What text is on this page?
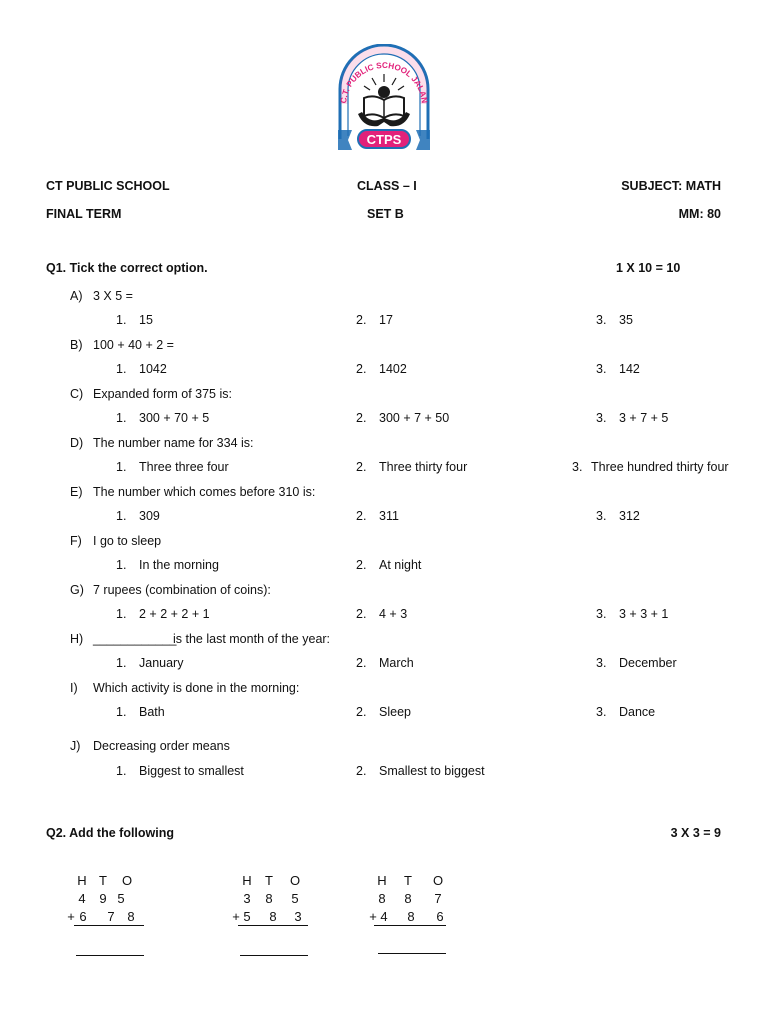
C.T. PUBLIC SCHOOL JALAN
CTPS
CT PUBLIC SCHOOL	CLASS – I	SUBJECT: MATH
FINAL TERM	SET B	MM: 80
Q1. Tick the correct option.	1 X 10 = 10
A) 3 X 5 =
1. 15	2. 17	3. 35
B) 100 + 40 + 2 =
1. 1042	2. 1402	3. 142
C) Expanded form of 375 is:
1. 300 + 70 + 5	2. 300 + 7 + 50	3. 3 + 7 + 5
D) The number name for 334 is:
1. Three three four	2. Three thirty four	3. Three hundred thirty four
E) The number which comes before 310 is:
1. 309	2. 311	3. 312
F) I go to sleep
1. In the morning	2. At night
G) 7 rupees (combination of coins):
1. 2 + 2 + 2 + 1	2. 4 + 3	3. 3 + 3 + 1
H) ____________
is the last month of the year:
1. January	2. March	3. December
I) Which activity is done in the morning:
1. Bath	2. Sleep	3. Dance
J) Decreasing order means
1. Biggest to smallest	2. Smallest to biggest
Q2. Add the following	3 X 3 = 9
H T O
4 9 5
+ 6 7 8
H T O
3 8 5
+ 5 8 3
H T O
8 8 7
+ 4 8 6
